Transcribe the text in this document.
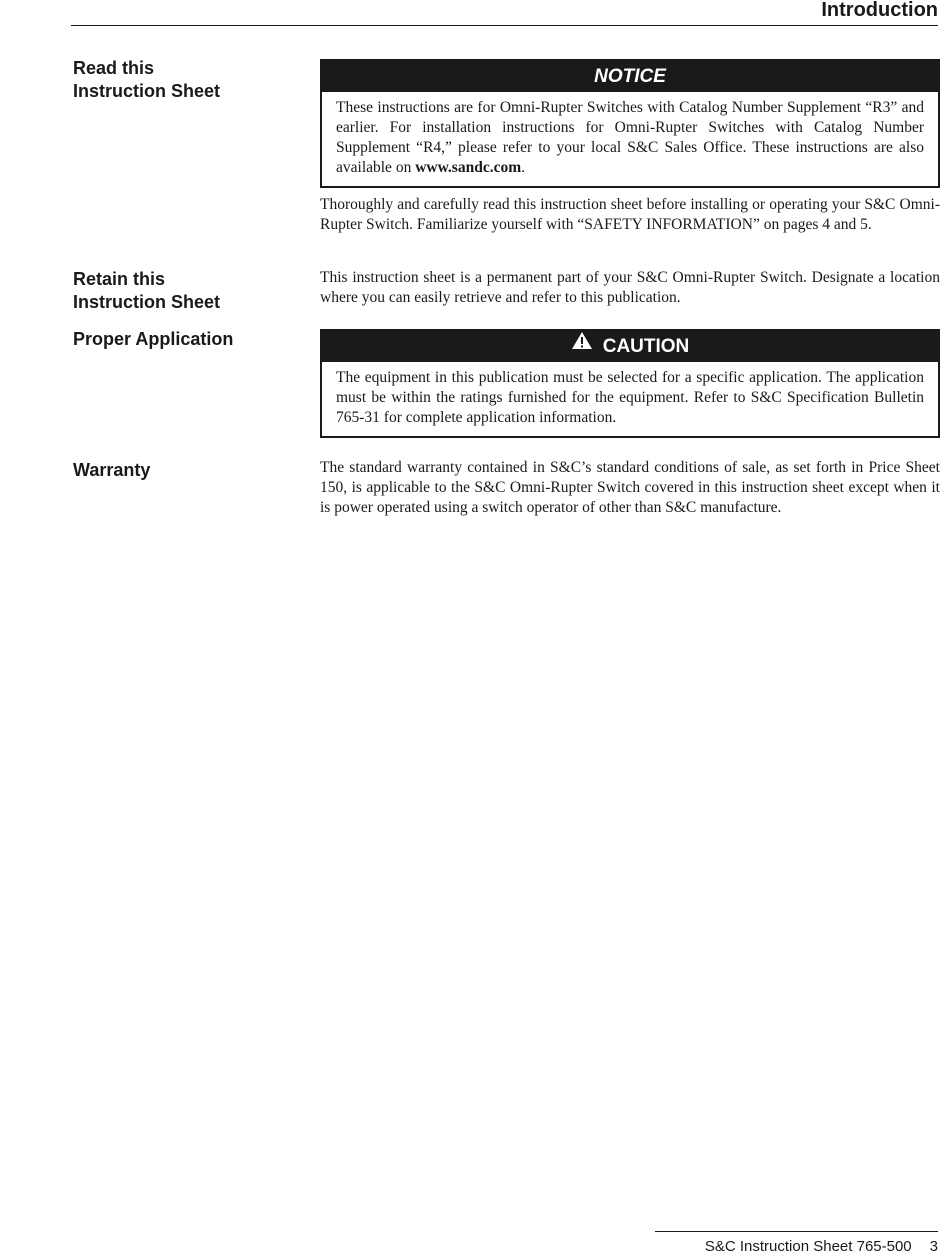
Introduction
Read this
Instruction Sheet
NOTICE
These instructions are for Omni-Rupter Switches with Catalog Number Supplement “R3” and earlier. For installation instructions for Omni-Rupter Switches with Catalog Number Supplement “R4,” please refer to your local S&C Sales Office. These instructions are also available on www.sandc.com.
Thoroughly and carefully read this instruction sheet before installing or operating your S&C Omni-Rupter Switch. Familiarize yourself with “SAFETY INFORMATION” on pages 4 and 5.
Retain this
Instruction Sheet
This instruction sheet is a permanent part of your S&C Omni-Rupter Switch. Designate a location where you can easily retrieve and refer to this publication.
Proper Application	CAUTION
The equipment in this publication must be selected for a specific application. The application must be within the ratings furnished for the equipment. Refer to S&C Specification Bulletin 765-31 for complete application information.
Warranty	The standard warranty contained in S&C’s standard conditions of sale, as set forth in Price Sheet 150, is applicable to the S&C Omni-Rupter Switch covered in this instruction sheet except when it is power operated using a switch operator of other than S&C manufacture.
S&C Instruction Sheet 765-500 3
